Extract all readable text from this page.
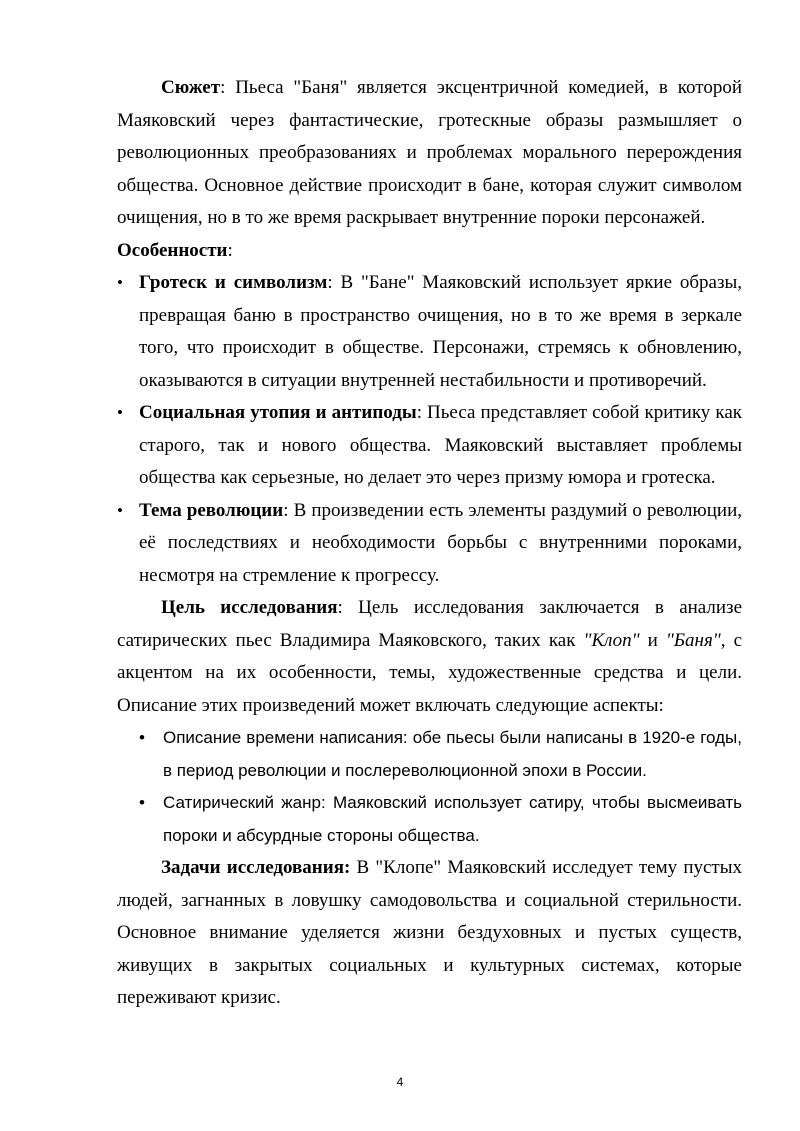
Сюжет: Пьеса "Баня" является эксцентричной комедией, в которой Маяковский через фантастические, гротескные образы размышляет о революционных преобразованиях и проблемах морального перерождения общества. Основное действие происходит в бане, которая служит символом очищения, но в то же время раскрывает внутренние пороки персонажей.

Особенности:

• Гротеск и символизм: В "Бане" Маяковский использует яркие образы, превращая баню в пространство очищения, но в то же время в зеркале того, что происходит в обществе. Персонажи, стремясь к обновлению, оказываются в ситуации внутренней нестабильности и противоречий.
• Социальная утопия и антиподы: Пьеса представляет собой критику как старого, так и нового общества. Маяковский выставляет проблемы общества как серьезные, но делает это через призму юмора и гротеска.
• Тема революции: В произведении есть элементы раздумий о революции, её последствиях и необходимости борьбы с внутренними пороками, несмотря на стремление к прогрессу.

Цель исследования: Цель исследования заключается в анализе сатирических пьес Владимира Маяковского, таких как "Клоп" и "Баня", с акцентом на их особенности, темы, художественные средства и цели. Описание этих произведений может включать следующие аспекты:

• Описание времени написания: обе пьесы были написаны в 1920-е годы, в период революции и послереволюционной эпохи в России.
• Сатирический жанр: Маяковский использует сатиру, чтобы высмеивать пороки и абсурдные стороны общества.

Задачи исследования: В "Клопе" Маяковский исследует тему пустых людей, загнанных в ловушку самодовольства и социальной стерильности. Основное внимание уделяется жизни бездуховных и пустых существ, живущих в закрытых социальных и культурных системах, которые переживают кризис.

4
